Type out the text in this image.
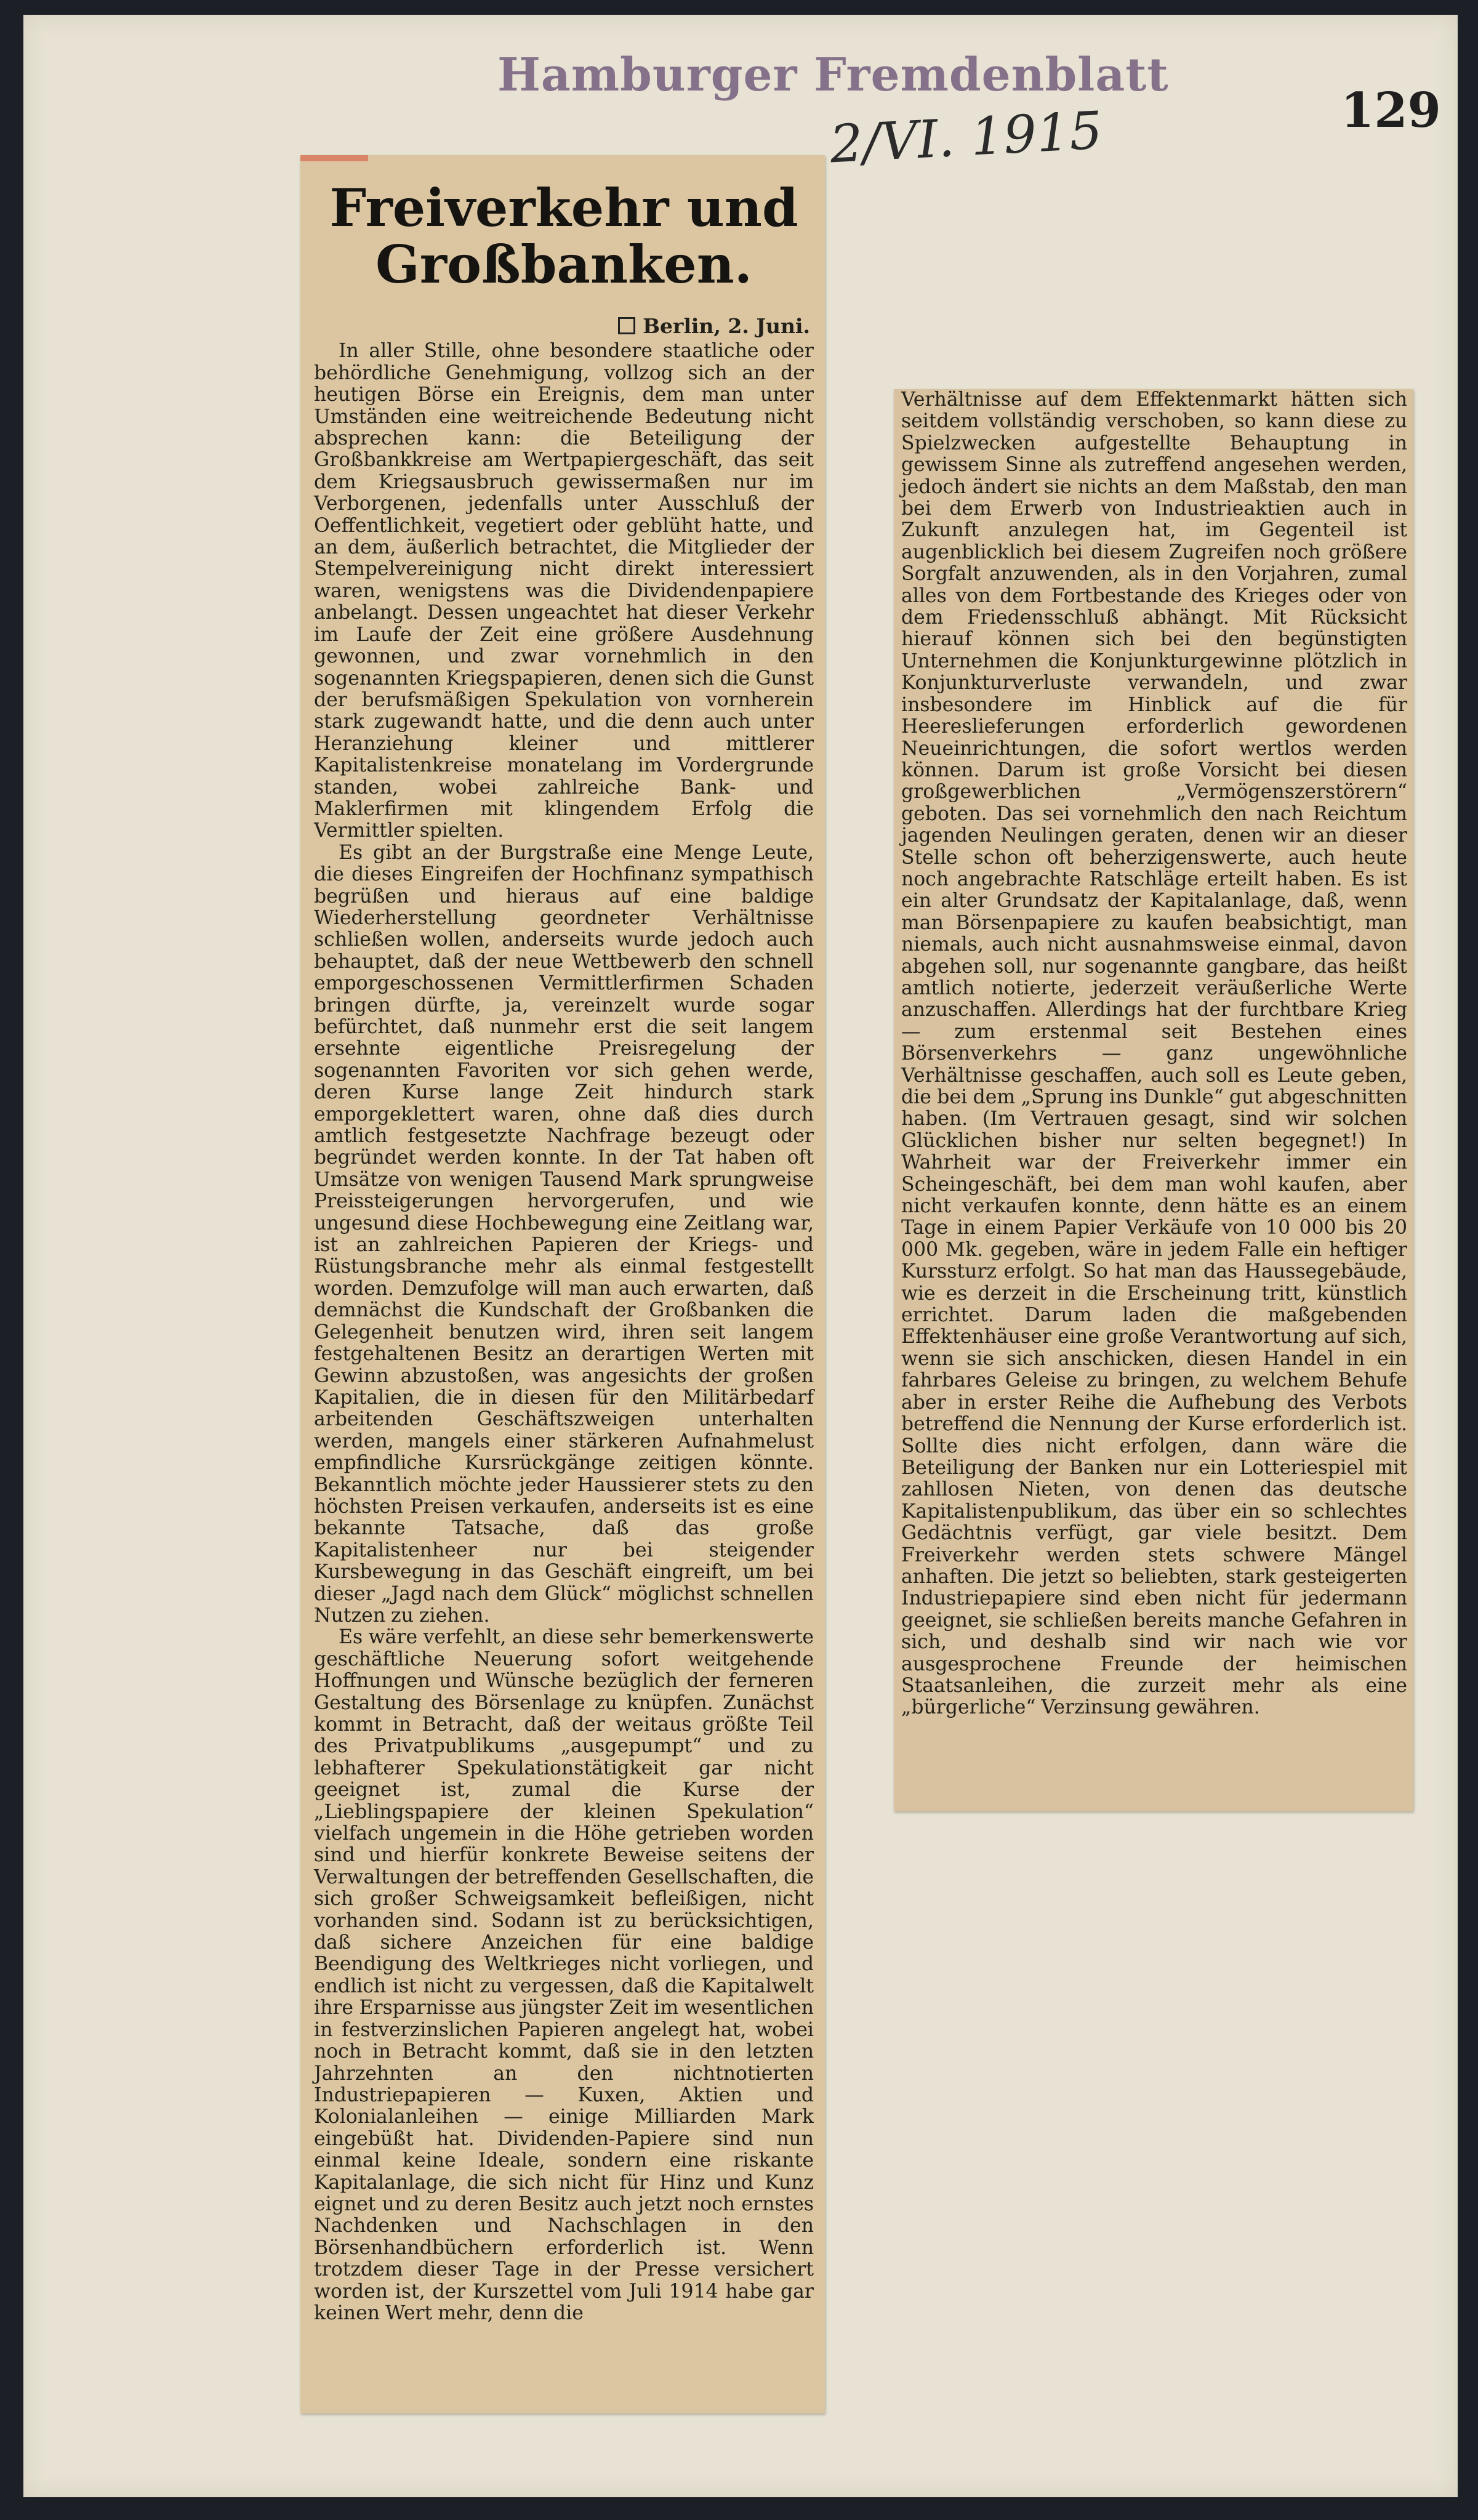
Hamburger Fremdenblatt
2/VI. 1915	129
Freiverkehr und Großbanken.
Berlin, 2. Juni.

In aller Stille, ohne besondere staatliche oder behördliche Genehmigung, vollzog sich an der heutigen Börse ein Ereignis, dem man unter Umständen eine weitreichende Bedeutung nicht absprechen kann: die Beteiligung der Großbankkreise am Wertpapiergeschäft, das seit dem Kriegsausbruch gewissermaßen nur im Verborgenen, jedenfalls unter Ausschluß der Oeffentlichkeit, vegetiert oder geblüht hatte, und an dem, äußerlich betrachtet, die Mitglieder der Stempelvereinigung nicht direkt interessiert waren, wenigstens was die Dividendenpapiere anbelangt. Dessen ungeachtet hat dieser Verkehr im Laufe der Zeit eine größere Ausdehnung gewonnen, und zwar vornehmlich in den sogenannten Kriegspapieren, denen sich die Gunst der berufsmäßigen Spekulation von vornherein stark zugewandt hatte, und die denn auch unter Heranziehung kleiner und mittlerer Kapitalistenkreise monatelang im Vordergrunde standen, wobei zahlreiche Bank- und Maklerfirmen mit klingendem Erfolg die Vermittler spielten.

Es gibt an der Burgstraße eine Menge Leute, die dieses Eingreifen der Hochfinanz sympathisch begrüßen und hieraus auf eine baldige Wiederherstellung geordneter Verhältnisse schließen wollen, anderseits wurde jedoch auch behauptet, daß der neue Wettbewerb den schnell emporgeschossenen Vermittlerfirmen Schaden bringen dürfte, ja, vereinzelt wurde sogar befürchtet, daß nunmehr erst die seit langem ersehnte eigentliche Preisregelung der sogenannten Favoriten vor sich gehen werde, deren Kurse lange Zeit hindurch stark emporgeklettert waren, ohne daß dies durch amtlich festgesetzte Nachfrage bezeugt oder begründet werden konnte. In der Tat haben oft Umsätze von wenigen Tausend Mark sprungweise Preissteigerungen hervorgerufen, und wie ungesund diese Hochbewegung eine Zeitlang war, ist an zahlreichen Papieren der Kriegs- und Rüstungsbranche mehr als einmal festgestellt worden. Demzufolge will man auch erwarten, daß demnächst die Kundschaft der Großbanken die Gelegenheit benutzen wird, ihren seit langem festgehaltenen Besitz an derartigen Werten mit Gewinn abzustoßen, was angesichts der großen Kapitalien, die in diesen für den Militärbedarf arbeitenden Geschäftszweigen unterhalten werden, mangels einer stärkeren Aufnahmelust empfindliche Kursrückgänge zeitigen könnte. Bekanntlich möchte jeder Haussierer stets zu den höchsten Preisen verkaufen, anderseits ist es eine bekannte Tatsache, daß das große Kapitalistenheer nur bei steigender Kursbewegung in das Geschäft eingreift, um bei dieser „Jagd nach dem Glück“ möglichst schnellen Nutzen zu ziehen.

Es wäre verfehlt, an diese sehr bemerkenswerte geschäftliche Neuerung sofort weitgehende Hoffnungen und Wünsche bezüglich der ferneren Gestaltung des Börsenlage zu knüpfen. Zunächst kommt in Betracht, daß der weitaus größte Teil des Privatpublikums „ausgepumpt“ und zu lebhafterer Spekulationstätigkeit gar nicht geeignet ist, zumal die Kurse der „Lieblingspapiere der kleinen Spekulation“ vielfach ungemein in die Höhe getrieben worden sind und hierfür konkrete Beweise seitens der Verwaltungen der betreffenden Gesellschaften, die sich großer Schweigsamkeit befleißigen, nicht vorhanden sind. Sodann ist zu berücksichtigen, daß sichere Anzeichen für eine baldige Beendigung des Weltkrieges nicht vorliegen, und endlich ist nicht zu vergessen, daß die Kapitalwelt ihre Ersparnisse aus jüngster Zeit im wesentlichen in festverzinslichen Papieren angelegt hat, wobei noch in Betracht kommt, daß sie in den letzten Jahrzehnten an den nichtnotierten Industriepapieren — Kuxen, Aktien und Kolonialanleihen — einige Milliarden Mark eingebüßt hat. Dividenden-Papiere sind nun einmal keine Ideale, sondern eine riskante Kapitalanlage, die sich nicht für Hinz und Kunz eignet und zu deren Besitz auch jetzt noch ernstes Nachdenken und Nachschlagen in den Börsenhandbüchern erforderlich ist. Wenn trotzdem dieser Tage in der Presse versichert worden ist, der Kurszettel vom Juli 1914 habe gar keinen Wert mehr, denn die

Verhältnisse auf dem Effektenmarkt hätten sich seitdem vollständig verschoben, so kann diese zu Spielzwecken aufgestellte Behauptung in gewissem Sinne als zutreffend angesehen werden, jedoch ändert sie nichts an dem Maßstab, den man bei dem Erwerb von Industrieaktien auch in Zukunft anzulegen hat, im Gegenteil ist augenblicklich bei diesem Zugreifen noch größere Sorgfalt anzuwenden, als in den Vorjahren, zumal alles von dem Fortbestande des Krieges oder von dem Friedensschluß abhängt. Mit Rücksicht hierauf können sich bei den begünstigten Unternehmen die Konjunkturgewinne plötzlich in Konjunkturverluste verwandeln, und zwar insbesondere im Hinblick auf die für Heereslieferungen erforderlich gewordenen Neueinrichtungen, die sofort wertlos werden können. Darum ist große Vorsicht bei diesen großgewerblichen „Vermögenszerstörern“ geboten. Das sei vornehmlich den nach Reichtum jagenden Neulingen geraten, denen wir an dieser Stelle schon oft beherzigenswerte, auch heute noch angebrachte Ratschläge erteilt haben. Es ist ein alter Grundsatz der Kapitalanlage, daß, wenn man Börsenpapiere zu kaufen beabsichtigt, man niemals, auch nicht ausnahmsweise einmal, davon abgehen soll, nur sogenannte gangbare, das heißt amtlich notierte, jederzeit veräußerliche Werte anzuschaffen. Allerdings hat der furchtbare Krieg — zum erstenmal seit Bestehen eines Börsenverkehrs — ganz ungewöhnliche Verhältnisse geschaffen, auch soll es Leute geben, die bei dem „Sprung ins Dunkle“ gut abgeschnitten haben. (Im Vertrauen gesagt, sind wir solchen Glücklichen bisher nur selten begegnet!) In Wahrheit war der Freiverkehr immer ein Scheingeschäft, bei dem man wohl kaufen, aber nicht verkaufen konnte, denn hätte es an einem Tage in einem Papier Verkäufe von 10 000 bis 20 000 Mk. gegeben, wäre in jedem Falle ein heftiger Kurssturz erfolgt. So hat man das Haussegebäude, wie es derzeit in die Erscheinung tritt, künstlich errichtet. Darum laden die maßgebenden Effektenhäuser eine große Verantwortung auf sich, wenn sie sich anschicken, diesen Handel in ein fahrbares Geleise zu bringen, zu welchem Behufe aber in erster Reihe die Aufhebung des Verbots betreffend die Nennung der Kurse erforderlich ist. Sollte dies nicht erfolgen, dann wäre die Beteiligung der Banken nur ein Lotteriespiel mit zahllosen Nieten, von denen das deutsche Kapitalistenpublikum, das über ein so schlechtes Gedächtnis verfügt, gar viele besitzt. Dem Freiverkehr werden stets schwere Mängel anhaften. Die jetzt so beliebten, stark gesteigerten Industriepapiere sind eben nicht für jedermann geeignet, sie schließen bereits manche Gefahren in sich, und deshalb sind wir nach wie vor ausgesprochene Freunde der heimischen Staatsanleihen, die zurzeit mehr als eine „bürgerliche“ Verzinsung gewähren.
